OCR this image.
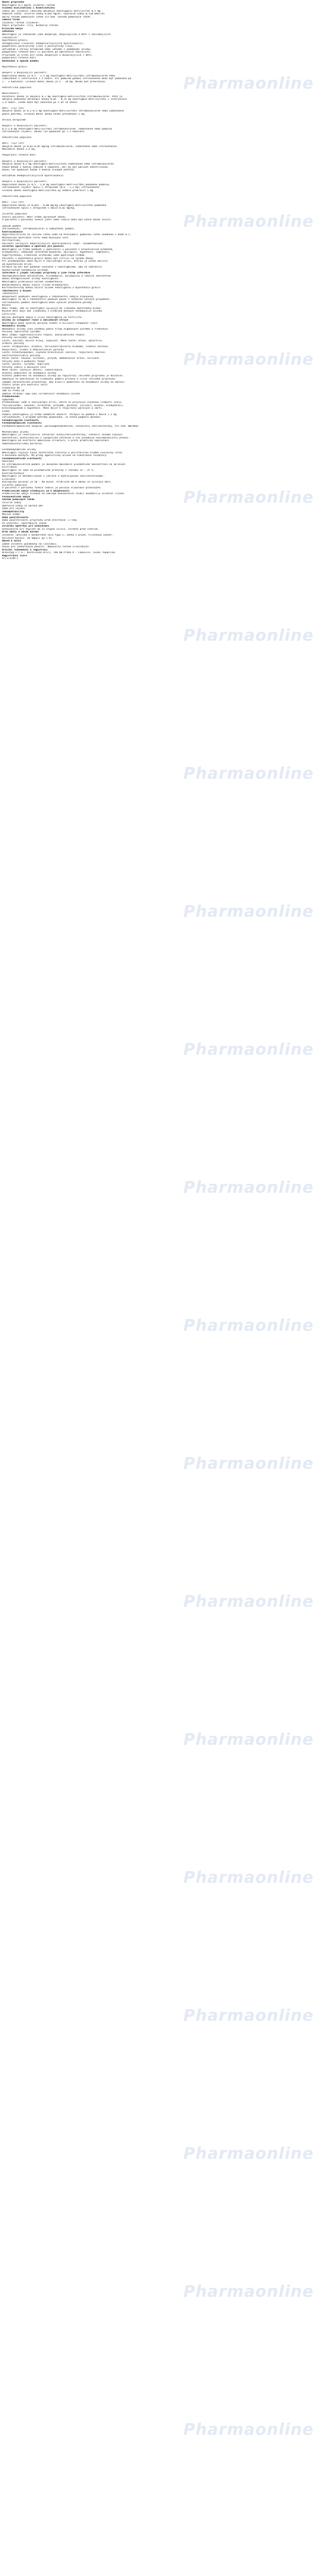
Název přípravku
Neostigmin 0,5 mg/ml injekční roztok
Složení kvalitativní i kvantitativní
Jedna 1ml injekční lahvička obsahuje neostigmini metilsulfas 0,5 mg.
Pomocné látky: chlorid sodný 8,642 mg/ml, hydroxid sodný 0,150 mmol/ml
Úplný seznam pomocných látek viz bod 'Seznam pomocných látek'.
Léková forma
Injekční roztok (injekce).
Popis přípravku: čirý, bezbarvý roztok.
Klinické údaje
Indikace
Neostigmin je indikován jako dospělým, dospívajícím a dětí v následujících
indikacích:
myasthenia gravis,
antagonizace (reverze) nedepolarizujících myorelaxancií,
pooperační paralytický ileus a paralytický ileus,
antidotum u otravy atropinem nebo látkami s podobnými účinky,
pooperační retence moči (u pacientů po operačních zákrocích),
Přípravek je určen pro léčbu dospělých a dospívajících i dětí.
pooperační retence moči
Dávkování a způsob podání
Myasthenia gravis
Dospělí a dospívající pacienti:
Doporučená dávka je 0,5 - 2,5 mg neostigmin-metilsulfátu intramuskulárně nebo
subkutánně v intervalech 1-3 hodin. Při pomalém podání intravenózně může být podávána po
1 - 3 hodinách. Celková denní dávka je 5 - 20 mg. Nesmí být překročena.
Pediatrická populace
Novorozenci:
Počáteční dávka je obvykle 0,1 mg neostigmin-metilsulfátu intramuskulárně. Poté je
obvykle podávána udržovací dávka 0,05 - 0,25 mg neostigmin-metilsulfátu v intervalech
2-4 hodin. Léčba může být ukončena po 5 až 14 dnech.
Děti: (<12 let)
Obvyklá dávka je 0,2-0,5 mg neostigmin-metilsulfátu intramuskulárně nebo subkutánně
podle potřeby. Celková denní dávka nesmí přesáhnout 5 mg.
Otrava atropinem
Dospělí a dospívající pacienti:
0,5-2,0 mg neostigmin-metilsulfátu intramuskulárně, subkutánně nebo pomalou
intravenózní injekcí. Dávku lze opakovat po 1-3 hodinách.
Pediatrická populace
Děti: (<12 let)
Obvyklá dávka je 0,02-0,05 mg/kg intramuskulárně, subkutánně nebo intravenózně.
Maximální dávka 2,5 mg.
Pooperační retence moči
Dospělí a dospívající pacienti:
Obvyklá dávka 0,5 mg neostigmin-metilsulfátu subkutánně nebo intramuskulárně.
Pokud během 1 hodiny nedojde k vymočení, měl by být pacient katetrizován.
Dávku lze opakovat každé 3 hodiny alespoň pětkrát.
Antidotum nedepolarizujících myorelaxancií
Dospělí a dospívající pacienti:
Doporučená dávka je 0,5 - 2,0 mg neostigmin-metilsulfátu podaného pomalou
intravenózní injekcí spolu s atropinem (0,6 - 1,2 mg) intravenózně.
Celková dávka neostigmin-metilsulfátu by neměla překročit 5 mg.
Pediatrická populace
Děti: (<12 let)
Doporučená dávka je 0,025 - 0,08 mg/kg neostigmin-metilsulfátu podaného
intravenózně spolu s atropinem v dávce 0,02 mg/kg.
Zvláštní populace
Starší pacienti: Není třeba upravovat dávku.
U pacientů s poruchou funkce jater nebo ledvin může být nutné dávku snížit.
Způsob podání
Intravenózní, intramuskulární a subkutánní podání.
Kontraindikace
Hypersenzitivita na léčivou látku nebo na kteroukoli pomocnou látku uvedenou v bodě 6.1.
Mechanická obstrukce střev nebo močových cest.
Peritonitida.
Pacienti užívající depolarizující myorelaxancia (např. suxamethonium).
Zvláštní upozornění a opatření pro použití
Neostigmin je třeba podávat s opatrností u pacientů s bronchiálním astmatem,
bradykardií, nedávným infarktem myokardu, epilepsií, hypotenzí, vagotonií,
hypertyreózou, srdečními arytmiemi nebo peptickým vředem.
Pacienti s myasthenia gravis mohou být citliví na vysoké dávky.
Při předávkování může dojít k cholinergní krizi, kterou je nutné odlišit
od myastenické krize.
Atropin by měl být podáván současně s neostigminem, aby se zabránilo
muskarinovým nežádoucím účinkům.
Interakce s jinými léčivými přípravky a jiné formy interakce
Aminoglykosidová antibiotika, klindamycin, polymyxiny a lokální anestetika
mohou antagonizovat účinky neostigminu.
Neostigmin prodlužuje účinek suxamethonia.
Betablokátory mohou zvýšit riziko bradykardie.
Kortikosteroidy mohou snížit účinek neostigminu u myasthenia gravis.
Těhotenství a kojení
Těhotenství
Bezpečnost podávání neostigminu v těhotenství nebyla stanovena.
Neostigmin se má v těhotenství podávat pouze v nezbytně nutných případech.
Intravenózní podání neostigminu může vyvolat předčasné porody.
Kojení
Není známo, zda se neostigmin vylučuje do lidského mateřského mléka.
Kojené děti mají být sledovány z hlediska možných nežádoucích účinků.
Fertilita
Nejsou dostupné údaje o vlivu neostigminu na fertilitu.
Účinky na schopnost řídit a obsluhovat stroje
Neostigmin může vyvolat poruchy vidění a ovlivnit schopnost řídit.
Nežádoucí účinky
Nežádoucí účinky jsou uvedeny podle třídy orgánových systémů a frekvence.
Poruchy imunitního systému
Není známo: hypersenzitivní reakce, anafylaktické reakce.
Poruchy nervového systému
Časté: závratě, bolest hlavy, ospalost. Méně časté: křeče, dysartrie.
Srdeční poruchy
Časté: bradykardie, arytmie, atrioventrikulární blokáda, srdeční zástava.
Respirační, hrudní a mediastinální poruchy
Časté: bronchospasmus, zvýšená bronchiální sekrece, respirační deprese.
Gastrointestinální poruchy
Velmi časté: nauzea, zvracení, průjem, abdominální křeče, salivace.
Poruchy kůže a podkožní tkáně
Časté: pocení, vyrážka, kopřivka.
Poruchy ledvin a močových cest
Méně časté: častější močení, inkontinence.
Hlášení podezření na nežádoucí účinky
Hlášení podezření na nežádoucí účinky po registraci léčivého přípravku je důležité.
Umožňuje to pokračovat ve sledování poměru přínosů a rizik léčivého přípravku.
Žádáme zdravotnické pracovníky, aby hlásili podezření na nežádoucí účinky na adresu:
Státní ústav pro kontrolu léčiv
Šrobárova 48
100 41 Praha 10
webové stránky: www.sukl.cz/nahlasit-nezadouci-ucinek
Předávkování
Symptomy
Předávkování vede k cholinergní krizi, která se projevuje zvýšenou slabostí svalů,
fascikulacemi, nauzeou, zvracením, průjmem, pocením, salivací, miózou, bradykardií,
bronchospasmem a hypotenzí. Může dojít k respirační paralýze a smrti.
Léčba
Podání neostigminu je třeba okamžitě ukončit. Atropin se podává v dávce 1-2 mg
intravenózně, v případě potřeby opakovaně. Je nutná podpora dýchání.
Farmakologické vlastnosti
Farmakodynamické vlastnosti
Farmakoterapeutická skupina: parasympatomimetika, inhibitory cholinesterázy, ATC kód: N07AA01
Mechanismus účinku
Neostigmin je reverzibilní inhibitor acetylcholinesterázy. Inhibicí enzymu zvyšuje
koncentraci acetylcholinu v synaptické štěrbině a tím usnadňuje neuromuskulární přenos.
Neostigmin má kvartérní amoniovou strukturu, a proto prakticky neprochází
hematoencefalickou bariérou.
Farmakodynamické účinky
Neostigmin zvyšuje tonus kosterního svalstva a peristaltiku hladké svaloviny střev
a močového měchýře. Má přímý agonistický účinek na nikotinové receptory.
Farmakokinetické vlastnosti
Absorpce
Po intramuskulárním podání je dosaženo maximální plazmatické koncentrace za 30 minut.
Distribuce
Neostigmin se váže na plazmatické proteiny v rozsahu 15 - 25 %.
Biotransformace
Neostigmin je metabolizován v játrech a hydrolyzován cholinesterázami.
Eliminace
Biologický poločas je 50 - 90 minut. Přibližně 80 % dávky se vylučuje močí.
Zvláštní populace
U pacientů s poruchou funkce ledvin je poločas eliminace prodloužen.
Předklinické údaje vztahující se k bezpečnosti
Předklinické údaje získané na základě konvenčních studií neodhalily zvláštní riziko.
Farmaceutické údaje
Seznam pomocných látek
Chlorid sodný
Hydroxid sodný (k úpravě pH)
Voda pro injekci
Inkompatibility
Nejsou známy.
Doba použitelnosti
Doba použitelnosti přípravku před otevřením: 3 roky
Po otevření: spotřebujte ihned.
Zvláštní opatření pro uchovávání
Uchovávejte při teplotě do 25 stupňů Celsia. Chraňte před světlem.
Druh obalu a obsah balení
Injekční lahvička z bezbarvého skla typu I, zátka z pryže, hliníkový uzávěr.
Velikost balení: 10 ampulí po 1 ml.
Návod k užití
Žádné zvláštní požadavky na likvidaci.
Pouze pro jednorázové použití. Nepoužitý roztok zlikvidujte.
Držitel rozhodnutí o registraci
Brenntag s.r.o., Kostelecká 875/2, 196 00 Praha 9 - Čakovice, Česká republika
Registrační číslo
87/173/09-C
Pharmaonline
Pharmaonline
Pharmaonline
Pharmaonline
Pharmaonline
Pharmaonline
Pharmaonline
Pharmaonline
Pharmaonline
Pharmaonline
Pharmaonline
Pharmaonline
Pharmaonline
Pharmaonline
Pharmaonline
Pharmaonline
Pharmaonline
Pharmaonline
